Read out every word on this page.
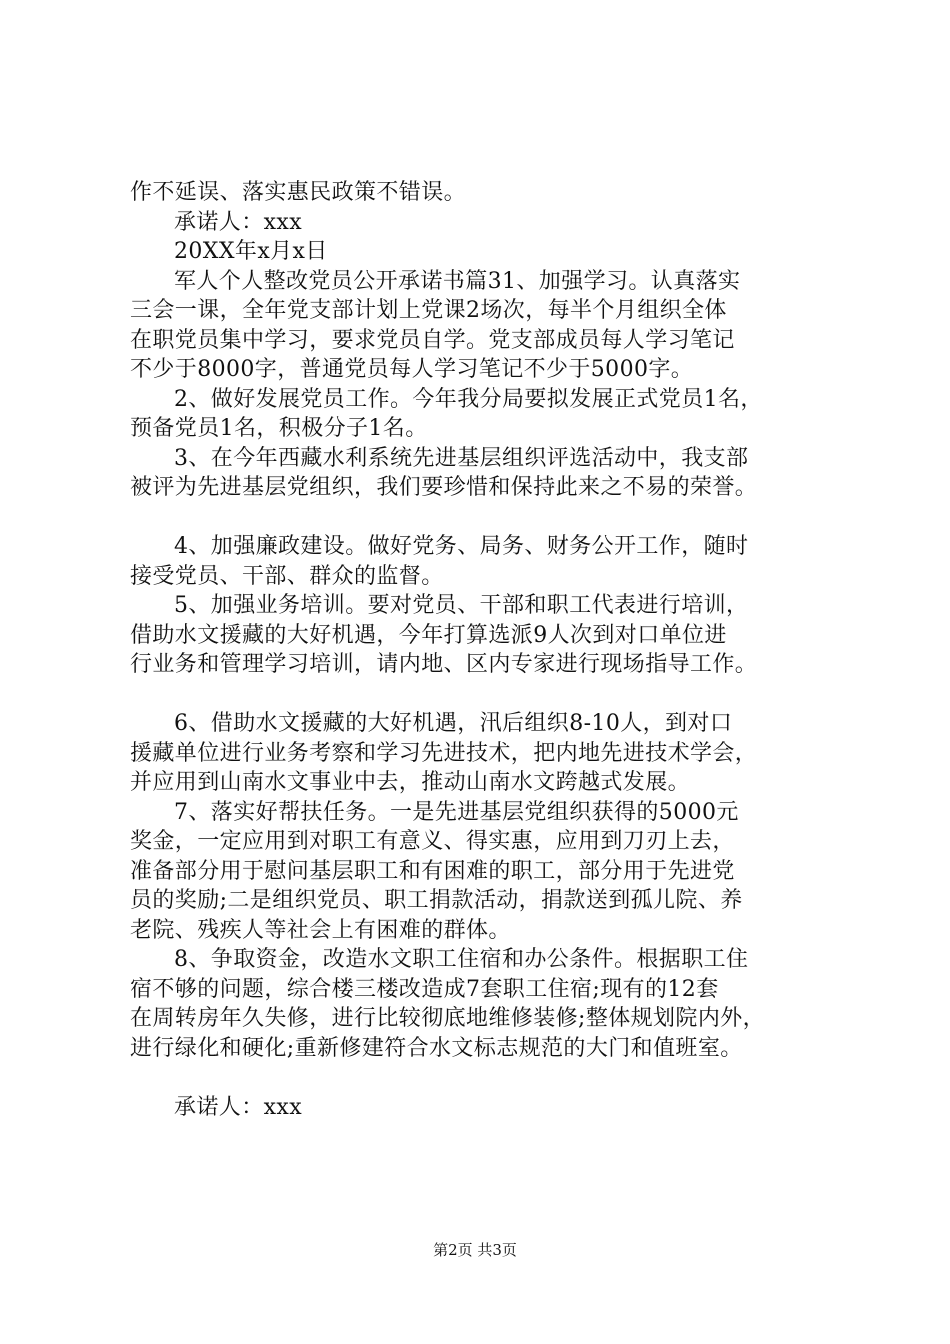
作不延误、落实惠民政策不错误。
承诺人：xxx
20XX年x月x日
军人个人整改党员公开承诺书篇31、加强学习。认真落实
三会一课，全年党支部计划上党课2场次，每半个月组织全体
在职党员集中学习，要求党员自学。党支部成员每人学习笔记
不少于8000字，普通党员每人学习笔记不少于5000字。
2、做好发展党员工作。今年我分局要拟发展正式党员1名，
预备党员1名，积极分子1名。
3、在今年西藏水利系统先进基层组织评选活动中，我支部
被评为先进基层党组织，我们要珍惜和保持此来之不易的荣誉。
4、加强廉政建设。做好党务、局务、财务公开工作，随时
接受党员、干部、群众的监督。
5、加强业务培训。要对党员、干部和职工代表进行培训，
借助水文援藏的大好机遇，今年打算选派9人次到对口单位进
行业务和管理学习培训，请内地、区内专家进行现场指导工作。
6、借助水文援藏的大好机遇，汛后组织8-10人，到对口
援藏单位进行业务考察和学习先进技术，把内地先进技术学会，
并应用到山南水文事业中去，推动山南水文跨越式发展。
7、落实好帮扶任务。一是先进基层党组织获得的5000元
奖金，一定应用到对职工有意义、得实惠，应用到刀刃上去，
准备部分用于慰问基层职工和有困难的职工，部分用于先进党
员的奖励;二是组织党员、职工捐款活动，捐款送到孤儿院、养
老院、残疾人等社会上有困难的群体。
8、争取资金，改造水文职工住宿和办公条件。根据职工住
宿不够的问题，综合楼三楼改造成7套职工住宿;现有的12套
在周转房年久失修，进行比较彻底地维修装修;整体规划院内外，
进行绿化和硬化;重新修建符合水文标志规范的大门和值班室。
承诺人：xxx
第2页 共3页
